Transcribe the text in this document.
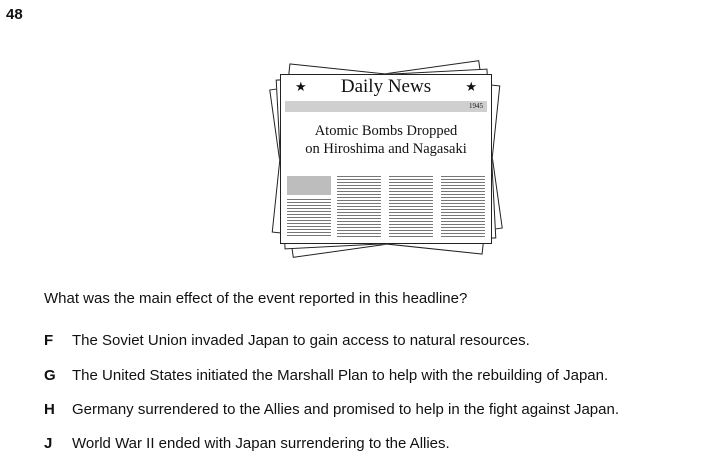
48
★ Daily News	★
1945
Atomic Bombs Dropped
on Hiroshima and Nagasaki
What was the main effect of the event reported in this headline?
F The Soviet Union invaded Japan to gain access to natural resources.
G The United States initiated the Marshall Plan to help with the rebuilding of Japan.
H Germany surrendered to the Allies and promised to help in the fight against Japan.
J World War II ended with Japan surrendering to the Allies.
